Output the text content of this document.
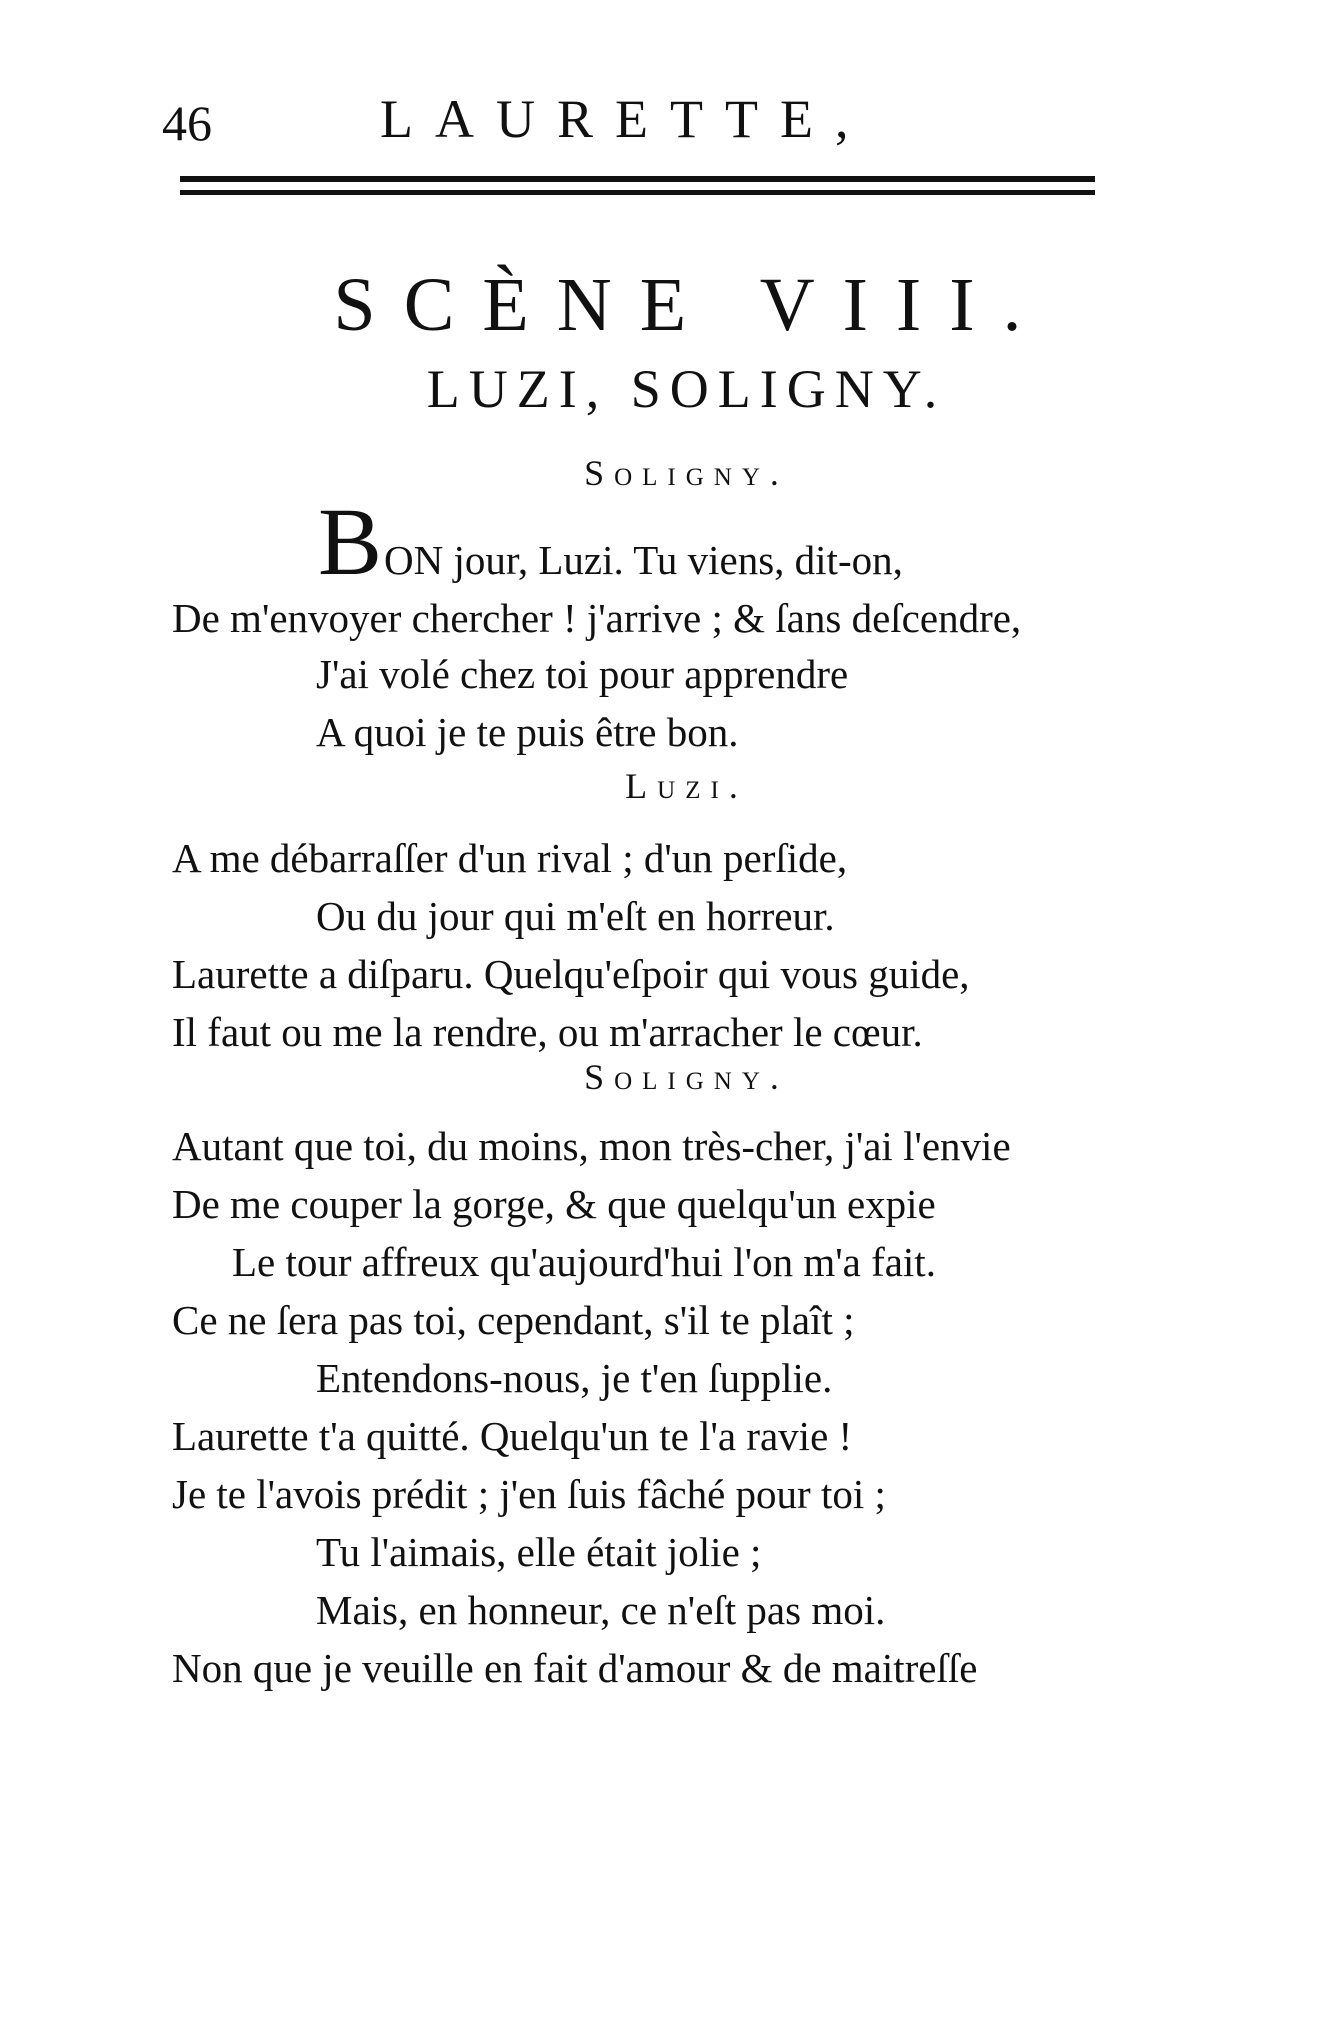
46	LAURETTE,
SCÈNE VIII.
LUZI, SOLIGNY.
Soligny.
B ON jour, Luzi. Tu viens, dit-on,
De m'envoyer chercher ! j'arrive ; & ſans deſcendre,
J'ai volé chez toi pour apprendre
A quoi je te puis être bon.
Luzi.
A me débarraſſer d'un rival ; d'un perſide,
Ou du jour qui m'eſt en horreur.
Laurette a diſparu. Quelqu'eſpoir qui vous guide,
Il faut ou me la rendre, ou m'arracher le cœur.
Soligny.
Autant que toi, du moins, mon très-cher, j'ai l'envie
De me couper la gorge, & que quelqu'un expie
Le tour affreux qu'aujourd'hui l'on m'a fait.
Ce ne ſera pas toi, cependant, s'il te plaît ;
Entendons-nous, je t'en ſupplie.
Laurette t'a quitté. Quelqu'un te l'a ravie !
Je te l'avois prédit ; j'en ſuis fâché pour toi ;
Tu l'aimais, elle était jolie ;
Mais, en honneur, ce n'eſt pas moi.
Non que je veuille en fait d'amour & de maitreſſe
